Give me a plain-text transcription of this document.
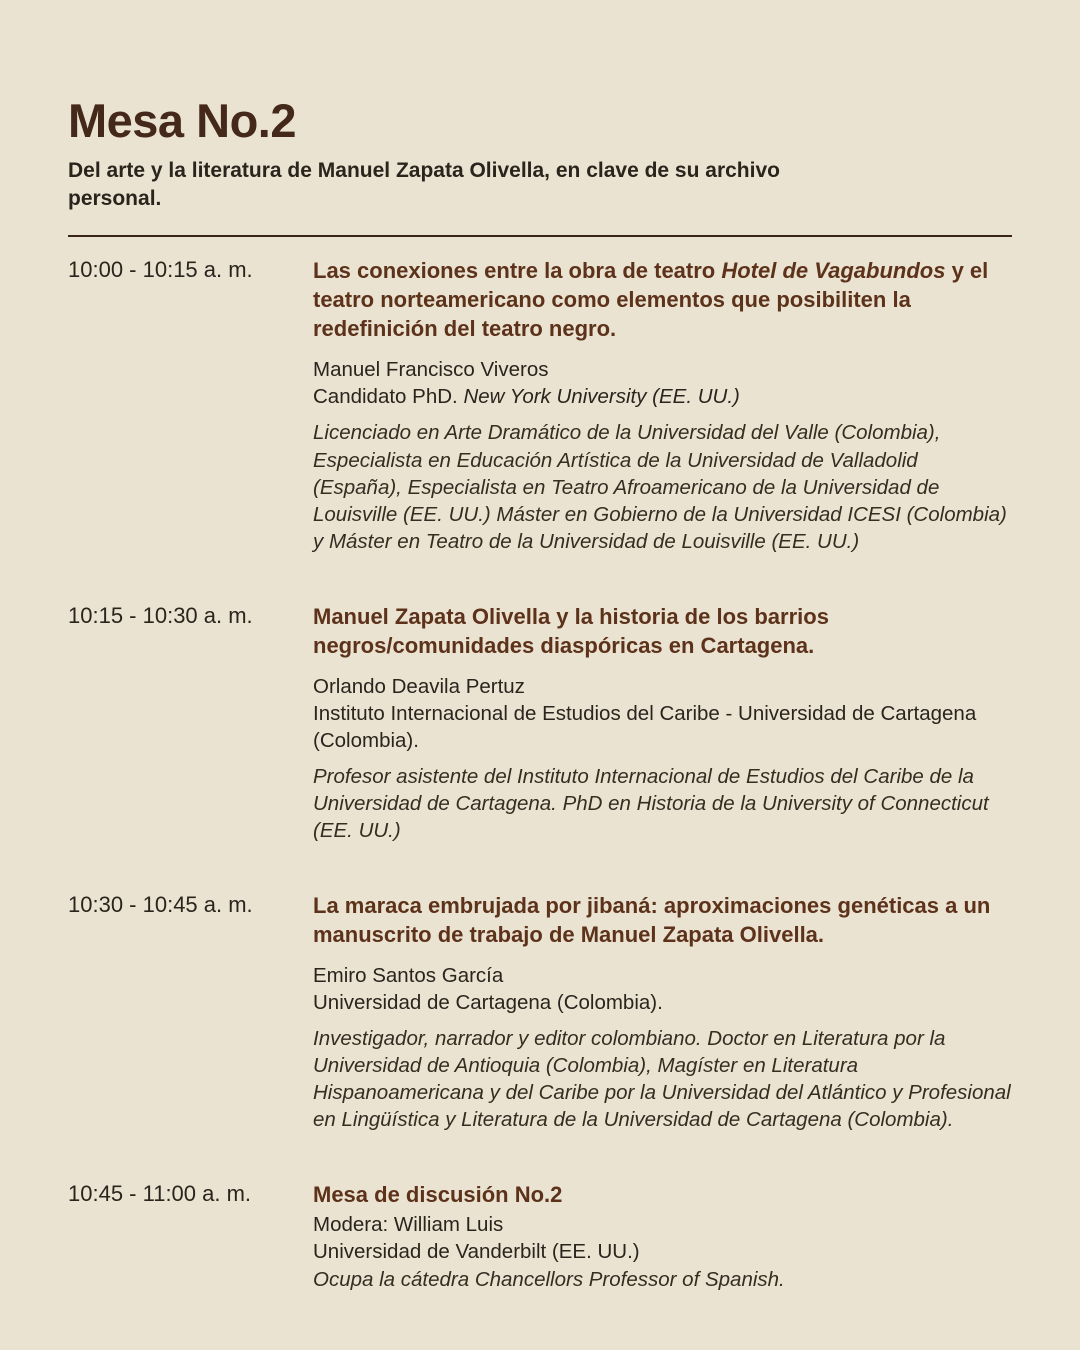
Mesa No.2

Del arte y la literatura de Manuel Zapata Olivella, en clave de su archivo personal.

10:00 - 10:15 a. m.	Las conexiones entre la obra de teatro Hotel de Vagabundos y el teatro norteamericano como elementos que posibiliten la redefinición del teatro negro.
Manuel Francisco Viveros
Candidato PhD. New York University (EE. UU.)

Licenciado en Arte Dramático de la Universidad del Valle (Colombia), Especialista en Educación Artística de la Universidad de Valladolid (España), Especialista en Teatro Afroamericano de la Universidad de Louisville (EE. UU.) Máster en Gobierno de la Universidad ICESI (Colombia) y Máster en Teatro de la Universidad de Louisville (EE. UU.)

10:15 - 10:30 a. m.	Manuel Zapata Olivella y la historia de los barrios negros/comunidades diaspóricas en Cartagena.
Orlando Deavila Pertuz
Instituto Internacional de Estudios del Caribe - Universidad de Cartagena (Colombia).

Profesor asistente del Instituto Internacional de Estudios del Caribe de la Universidad de Cartagena. PhD en Historia de la University of Connecticut (EE. UU.)

10:30 - 10:45 a. m.	La maraca embrujada por jibaná: aproximaciones genéticas a un manuscrito de trabajo de Manuel Zapata Olivella.
Emiro Santos García
Universidad de Cartagena (Colombia).

Investigador, narrador y editor colombiano. Doctor en Literatura por la Universidad de Antioquia (Colombia), Magíster en Literatura Hispanoamericana y del Caribe por la Universidad del Atlántico y Profesional en Lingüística y Literatura de la Universidad de Cartagena (Colombia).

10:45 - 11:00 a. m.	Mesa de discusión No.2
Modera: William Luis
Universidad de Vanderbilt (EE. UU.)

Ocupa la cátedra Chancellors Professor of Spanish.
